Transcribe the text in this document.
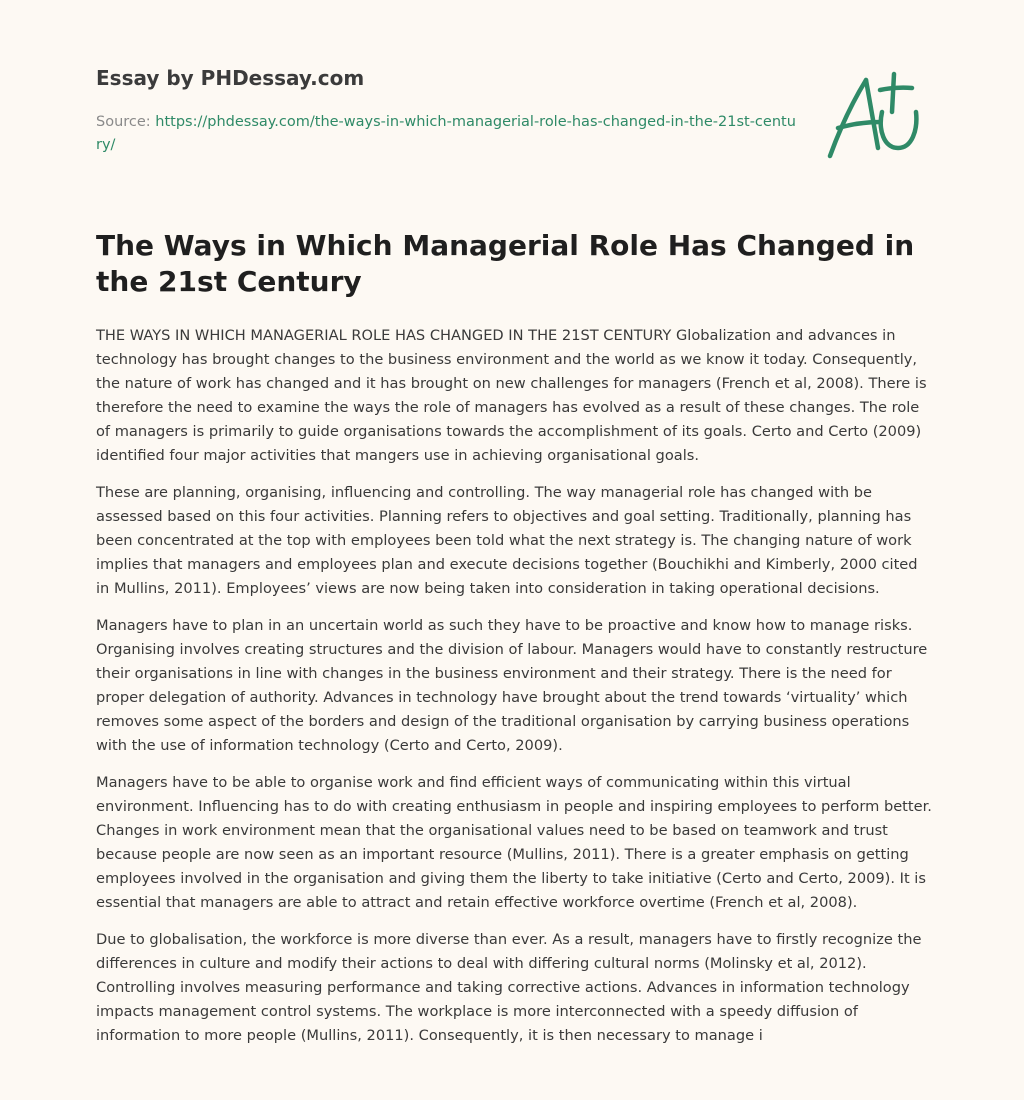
Essay by PHDessay.com

Source: https://phdessay.com/the-ways-in-which-managerial-role-has-changed-in-the-21st-century/

The Ways in Which Managerial Role Has Changed in the 21st Century

THE WAYS IN WHICH MANAGERIAL ROLE HAS CHANGED IN THE 21ST CENTURY Globalization and advances in technology has brought changes to the business environment and the world as we know it today. Consequently, the nature of work has changed and it has brought on new challenges for managers (French et al, 2008). There is therefore the need to examine the ways the role of managers has evolved as a result of these changes. The role of managers is primarily to guide organisations towards the accomplishment of its goals. Certo and Certo (2009) identified four major activities that mangers use in achieving organisational goals.

These are planning, organising, influencing and controlling. The way managerial role has changed with be assessed based on this four activities. Planning refers to objectives and goal setting. Traditionally, planning has been concentrated at the top with employees been told what the next strategy is. The changing nature of work implies that managers and employees plan and execute decisions together (Bouchikhi and Kimberly, 2000 cited in Mullins, 2011). Employees’ views are now being taken into consideration in taking operational decisions.

Managers have to plan in an uncertain world as such they have to be proactive and know how to manage risks. Organising involves creating structures and the division of labour. Managers would have to constantly restructure their organisations in line with changes in the business environment and their strategy. There is the need for proper delegation of authority. Advances in technology have brought about the trend towards ‘virtuality’ which removes some aspect of the borders and design of the traditional organisation by carrying business operations with the use of information technology (Certo and Certo, 2009).

Managers have to be able to organise work and find efficient ways of communicating within this virtual environment. Influencing has to do with creating enthusiasm in people and inspiring employees to perform better. Changes in work environment mean that the organisational values need to be based on teamwork and trust because people are now seen as an important resource (Mullins, 2011). There is a greater emphasis on getting employees involved in the organisation and giving them the liberty to take initiative (Certo and Certo, 2009). It is essential that managers are able to attract and retain effective workforce overtime (French et al, 2008).

Due to globalisation, the workforce is more diverse than ever. As a result, managers have to firstly recognize the differences in culture and modify their actions to deal with differing cultural norms (Molinsky et al, 2012). Controlling involves measuring performance and taking corrective actions. Advances in information technology impacts management control systems. The workplace is more interconnected with a speedy diffusion of information to more people (Mullins, 2011). Consequently, it is then necessary to manage i
